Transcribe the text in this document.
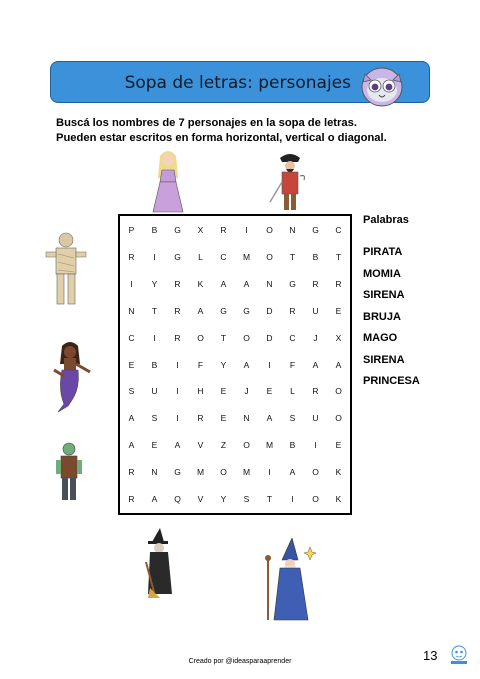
Sopa de letras: personajes
Buscá los nombres de 7 personajes en la sopa de letras.
Pueden estar escritos en forma horizontal, vertical o diagonal.
P	B	G	X	R	I	O	N	G	C
R	I	G	L	C	M	O	T	B	T
I	Y	R	K	A	A	N	G	R	R
N	T	R	A	G	G	D	R	U	E
C	I	R	O	T	O	D	C	J	X
E	B	I	F	Y	A	I	F	A	A
S	U	I	H	E	J	E	L	R	O
A	S	I	R	E	N	A	S	U	O
A	E	A	V	Z	O	M	B	I	E
R	N	G	M	O	M	I	A	O	K
R	A	Q	V	Y	S	T	I	O	K
Palabras
PIRATA
MOMIA
SIRENA
BRUJA
MAGO
SIRENA
PRINCESA
Creado por @ideasparaaprender	13
